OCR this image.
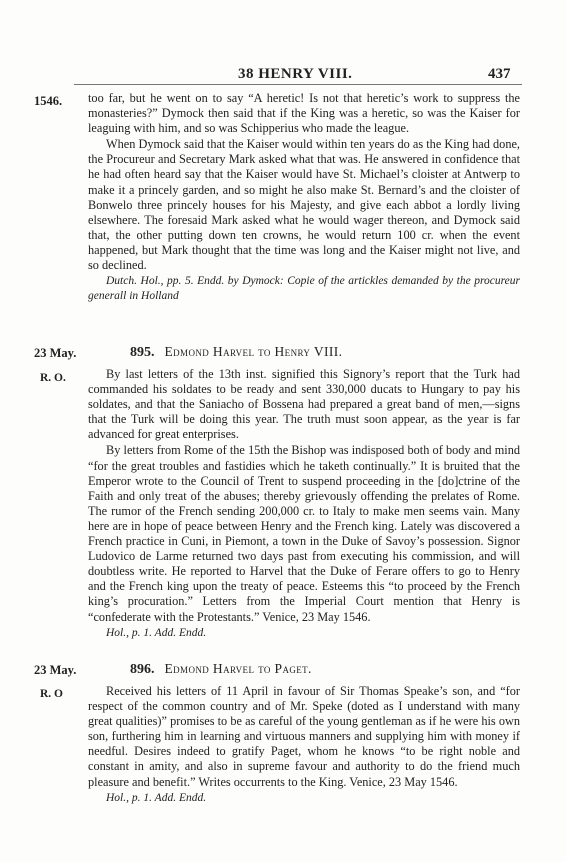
38 HENRY VIII.	437
1546. too far, but he went on to say “A heretic! Is not that heretic’s work to suppress the monasteries?” Dymock then said that if the King was a heretic, so was the Kaiser for leaguing with him, and so was Schipperius who made the league.

When Dymock said that the Kaiser would within ten years do as the King had done, the Procureur and Secretary Mark asked what that was. He answered in confidence that he had often heard say that the Kaiser would have St. Michael’s cloister at Antwerp to make it a princely garden, and so might he also make St. Bernard’s and the cloister of Bonwelo three princely houses for his Majesty, and give each abbot a lordly living elsewhere. The foresaid Mark asked what he would wager thereon, and Dymock said that, the other putting down ten crowns, he would return 100 cr. when the event happened, but Mark thought that the time was long and the Kaiser might not live, and so declined.

Dutch. Hol., pp. 5. Endd. by Dymock: Copie of the artickles demanded by the procureur generall in Holland

23 May.
R. O.
895. Edmond Harvel to Henry VIII.

By last letters of the 13th inst. signified this Signory’s report that the Turk had commanded his soldates to be ready and sent 330,000 ducats to Hungary to pay his soldates, and that the Saniacho of Bossena had prepared a great band of men,—signs that the Turk will be doing this year. The truth must soon appear, as the year is far advanced for great enterprises.

By letters from Rome of the 15th the Bishop was indisposed both of body and mind “for the great troubles and fastidies which he taketh continually.” It is bruited that the Emperor wrote to the Council of Trent to suspend proceeding in the [do]ctrine of the Faith and only treat of the abuses; thereby grievously offending the prelates of Rome. The rumor of the French sending 200,000 cr. to Italy to make men seems vain. Many here are in hope of peace between Henry and the French king. Lately was discovered a French practice in Cuni, in Piemont, a town in the Duke of Savoy’s possession. Signor Ludovico de Larme returned two days past from executing his commission, and will doubtless write. He reported to Harvel that the Duke of Ferare offers to go to Henry and the French king upon the treaty of peace. Esteems this “to proceed by the French king’s procuration.” Letters from the Imperial Court mention that Henry is “confederate with the Protestants.” Venice, 23 May 1546.

Hol., p. 1. Add. Endd.

23 May.
R. O
896. Edmond Harvel to Paget.

Received his letters of 11 April in favour of Sir Thomas Speake’s son, and “for respect of the common country and of Mr. Speke (doted as I understand with many great qualities)” promises to be as careful of the young gentleman as if he were his own son, furthering him in learning and virtuous manners and supplying him with money if needful. Desires indeed to gratify Paget, whom he knows “to be right noble and constant in amity, and also in supreme favour and authority to do the friend much pleasure and benefit.” Writes occurrents to the King. Venice, 23 May 1546.

Hol., p. 1. Add. Endd.
